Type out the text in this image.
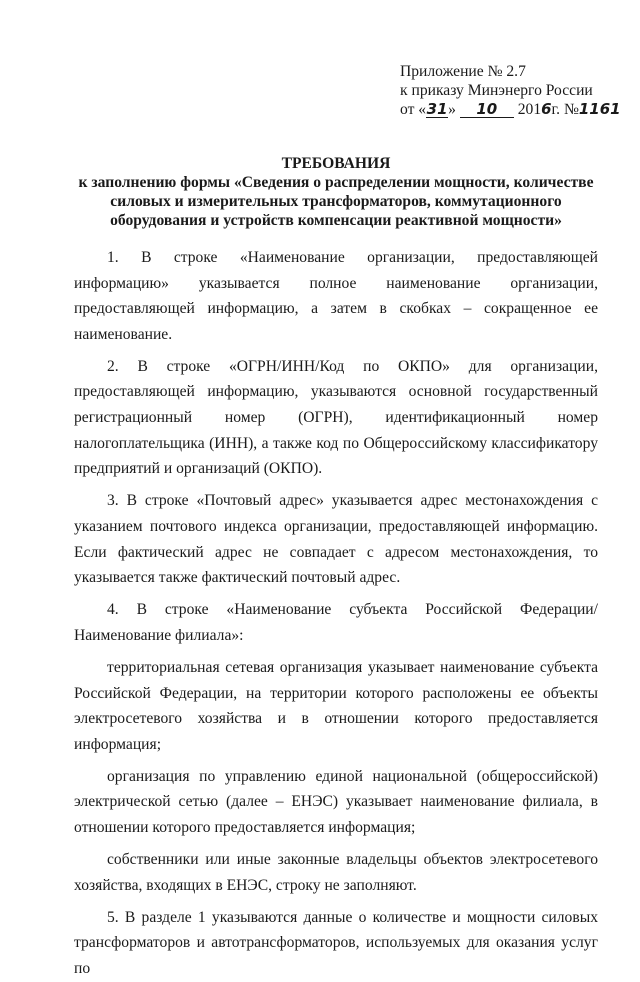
Приложение № 2.7
к приказу Минэнерго России
от «31» 10 2016г. №1161
ТРЕБОВАНИЯ
к заполнению формы «Сведения о распределении мощности, количестве силовых и измерительных трансформаторов, коммутационного оборудования и устройств компенсации реактивной мощности»

1. В строке «Наименование организации, предоставляющей информацию» указывается полное наименование организации, предоставляющей информацию, а затем в скобках – сокращенное ее наименование.

2. В строке «ОГРН/ИНН/Код по ОКПО» для организации, предоставляющей информацию, указываются основной государственный регистрационный номер (ОГРН), идентификационный номер налогоплательщика (ИНН), а также код по Общероссийскому классификатору предприятий и организаций (ОКПО).

3. В строке «Почтовый адрес» указывается адрес местонахождения с указанием почтового индекса организации, предоставляющей информацию. Если фактический адрес не совпадает с адресом местонахождения, то указывается также фактический почтовый адрес.

4. В строке «Наименование субъекта Российской Федерации/Наименование филиала»:

территориальная сетевая организация указывает наименование субъекта Российской Федерации, на территории которого расположены ее объекты электросетевого хозяйства и в отношении которого предоставляется информация;

организация по управлению единой национальной (общероссийской) электрической сетью (далее – ЕНЭС) указывает наименование филиала, в отношении которого предоставляется информация;

собственники или иные законные владельцы объектов электросетевого хозяйства, входящих в ЕНЭС, строку не заполняют.

5. В разделе 1 указываются данные о количестве и мощности силовых трансформаторов и автотрансформаторов, используемых для оказания услуг по
